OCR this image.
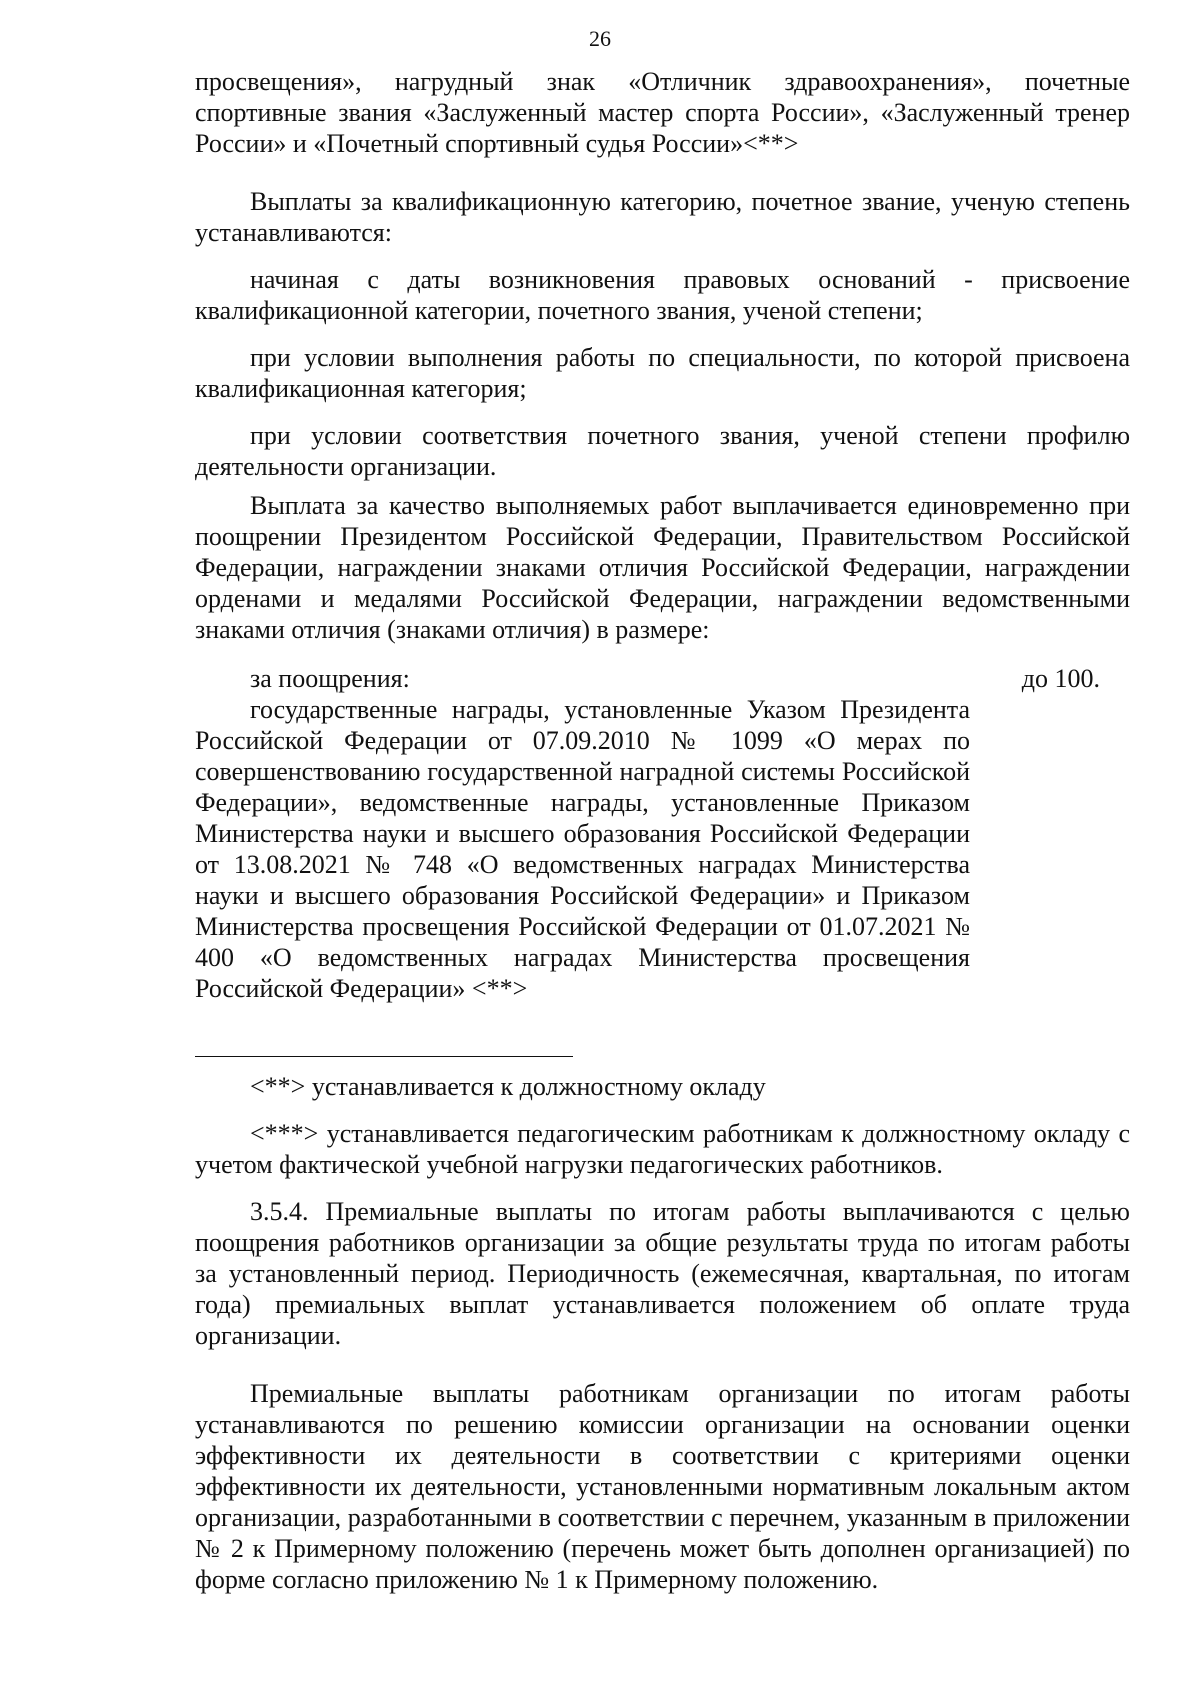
26

просвещения», нагрудный знак «Отличник здравоохранения», почетные спортивные звания «Заслуженный мастер спорта России», «Заслуженный тренер России» и «Почетный спортивный судья России»<**>

Выплаты за квалификационную категорию, почетное звание, ученую степень устанавливаются:

начиная с даты возникновения правовых оснований - присвоение квалификационной категории, почетного звания, ученой степени;

при условии выполнения работы по специальности, по которой присвоена квалификационная категория;

при условии соответствия почетного звания, ученой степени профилю деятельности организации.

Выплата за качество выполняемых работ выплачивается единовременно при поощрении Президентом Российской Федерации, Правительством Российской Федерации, награждении знаками отличия Российской Федерации, награждении орденами и медалями Российской Федерации, награждении ведомственными знаками отличия (знаками отличия) в размере:

за поощрения:

государственные награды, установленные Указом Президента Российской Федерации от 07.09.2010 № 1099 «О мерах по совершенствованию государственной наградной системы Российской Федерации», ведомственные награды, установленные Приказом Министерства науки и высшего образования Российской Федерации от 13.08.2021 № 748 «О ведомственных наградах Министерства науки и высшего образования Российской Федерации» и Приказом Министерства просвещения Российской Федерации от 01.07.2021 № 400 «О ведомственных наградах Министерства просвещения Российской Федерации» <**>

до 100.

<**> устанавливается к должностному окладу

<***> устанавливается педагогическим работникам к должностному окладу с учетом фактической учебной нагрузки педагогических работников.

3.5.4. Премиальные выплаты по итогам работы выплачиваются с целью поощрения работников организации за общие результаты труда по итогам работы за установленный период. Периодичность (ежемесячная, квартальная, по итогам года) премиальных выплат устанавливается положением об оплате труда организации.

Премиальные выплаты работникам организации по итогам работы устанавливаются по решению комиссии организации на основании оценки эффективности их деятельности в соответствии с критериями оценки эффективности их деятельности, установленными нормативным локальным актом организации, разработанными в соответствии с перечнем, указанным в приложении № 2 к Примерному положению (перечень может быть дополнен организацией) по форме согласно приложению № 1 к Примерному положению.
